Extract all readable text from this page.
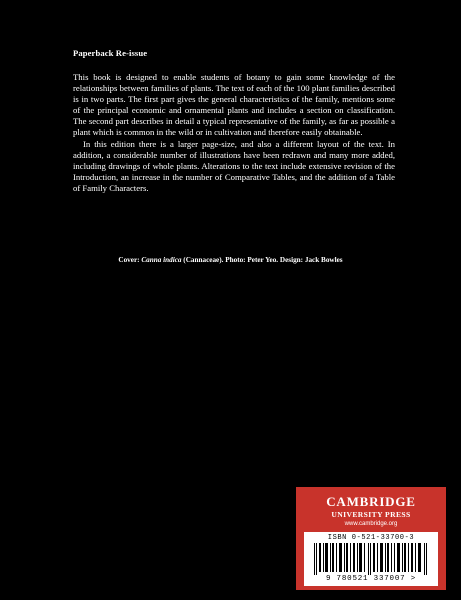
Paperback Re-issue

This book is designed to enable students of botany to gain some knowledge of the relationships between families of plants. The text of each of the 100 plant families described is in two parts. The first part gives the general characteristics of the family, mentions some of the principal economic and ornamental plants and includes a section on classification. The second part describes in detail a typical representative of the family, as far as possible a plant which is common in the wild or in cultivation and therefore easily obtainable.

In this edition there is a larger page-size, and also a different layout of the text. In addition, a considerable number of illustrations have been redrawn and many more added, including drawings of whole plants. Alterations to the text include extensive revision of the Introduction, an increase in the number of Comparative Tables, and the addition of a Table of Family Characters.

Cover: Canna indica (Cannaceae). Photo: Peter Yeo. Design: Jack Bowles
CAMBRIDGE
UNIVERSITY PRESS
www.cambridge.org
ISBN 0-521-33700-3
9 780521 337007 >
